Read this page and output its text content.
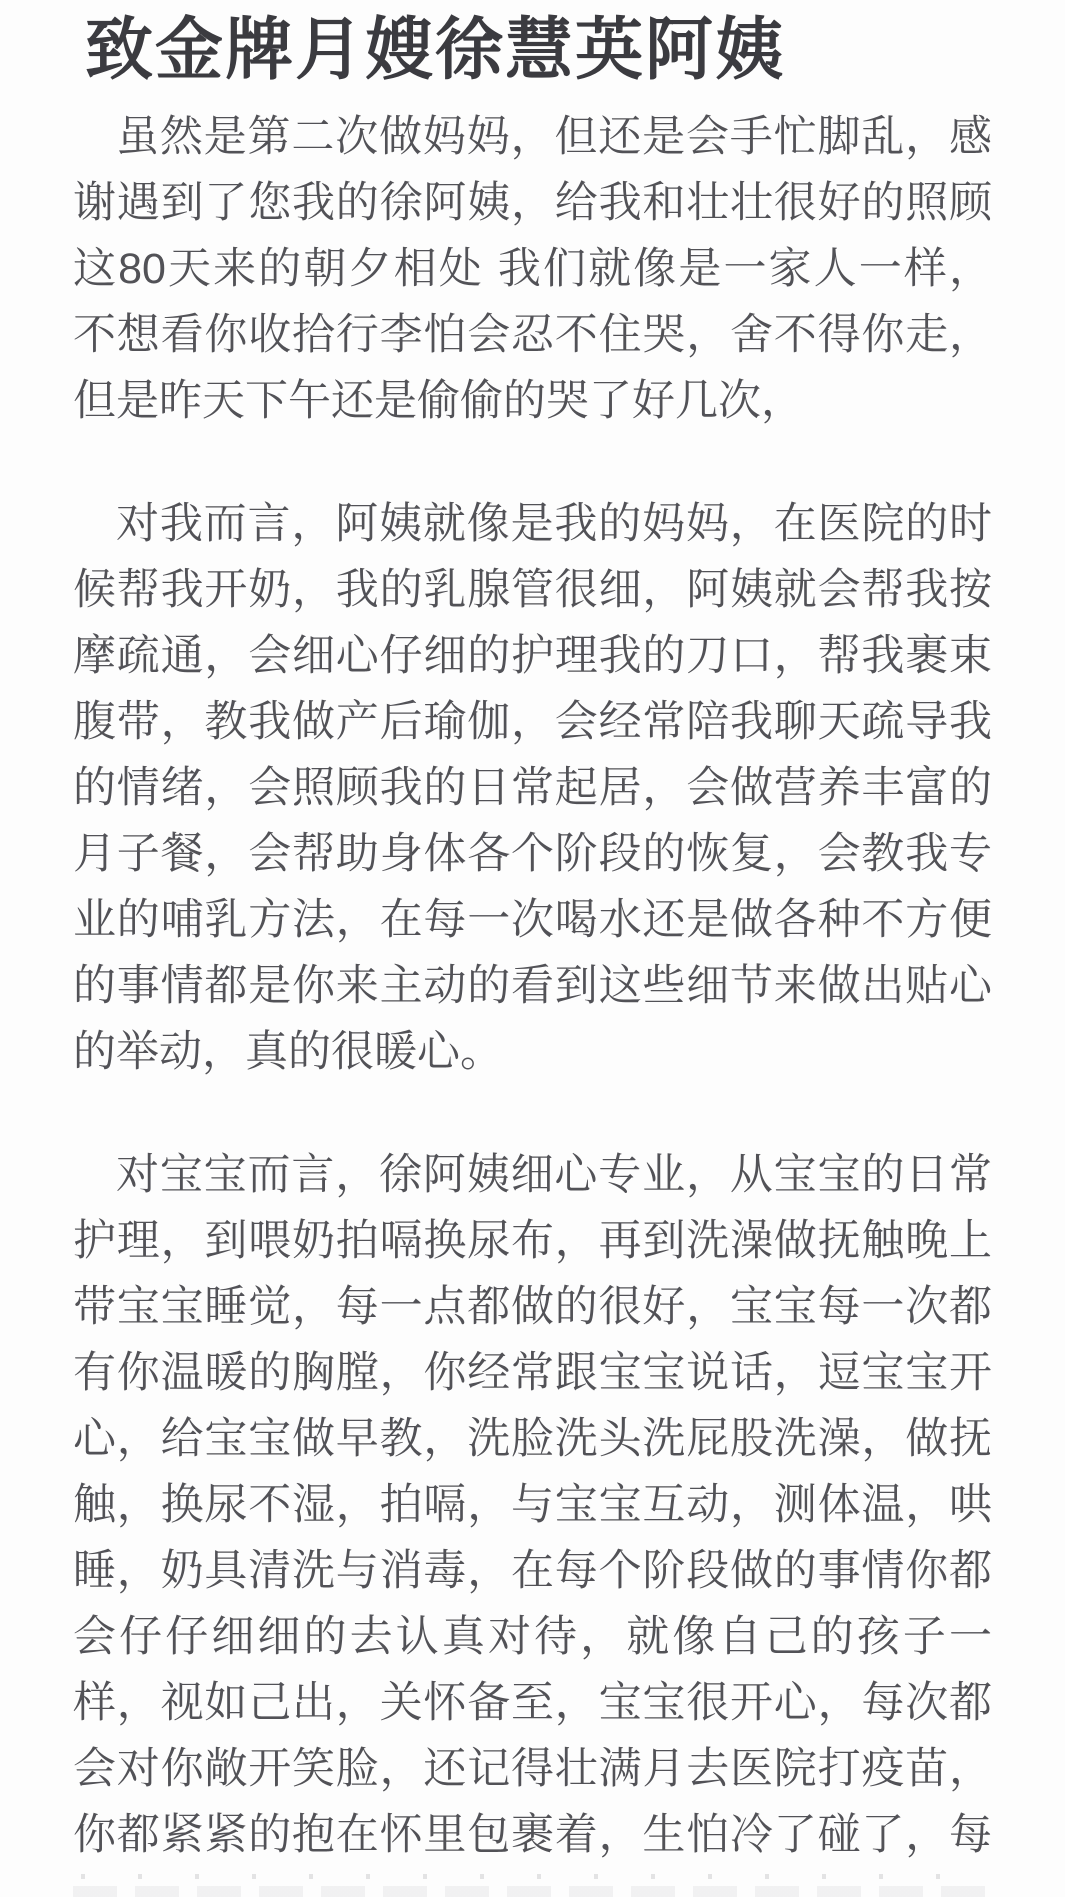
致金牌月嫂徐慧英阿姨
虽然是第二次做妈妈，但还是会手忙脚乱，感
谢遇到了您我的徐阿姨，给我和壮壮很好的照顾
这80天来的朝夕相处 我们就像是一家人一样，
不想看你收拾行李怕会忍不住哭，舍不得你走，
但是昨天下午还是偷偷的哭了好几次，
对我而言，阿姨就像是我的妈妈，在医院的时
候帮我开奶，我的乳腺管很细，阿姨就会帮我按
摩疏通，会细心仔细的护理我的刀口，帮我裹束
腹带，教我做产后瑜伽，会经常陪我聊天疏导我
的情绪，会照顾我的日常起居，会做营养丰富的
月子餐，会帮助身体各个阶段的恢复，会教我专
业的哺乳方法，在每一次喝水还是做各种不方便
的事情都是你来主动的看到这些细节来做出贴心
的举动，真的很暖心。
对宝宝而言，徐阿姨细心专业，从宝宝的日常
护理，到喂奶拍嗝换尿布，再到洗澡做抚触晚上
带宝宝睡觉，每一点都做的很好，宝宝每一次都
有你温暖的胸膛，你经常跟宝宝说话，逗宝宝开
心，给宝宝做早教，洗脸洗头洗屁股洗澡，做抚
触，换尿不湿，拍嗝，与宝宝互动，测体温，哄
睡，奶具清洗与消毒，在每个阶段做的事情你都
会仔仔细细的去认真对待，就像自己的孩子一
样，视如己出，关怀备至，宝宝很开心，每次都
会对你敞开笑脸，还记得壮满月去医院打疫苗，
你都紧紧的抱在怀里包裹着，生怕冷了碰了，每
